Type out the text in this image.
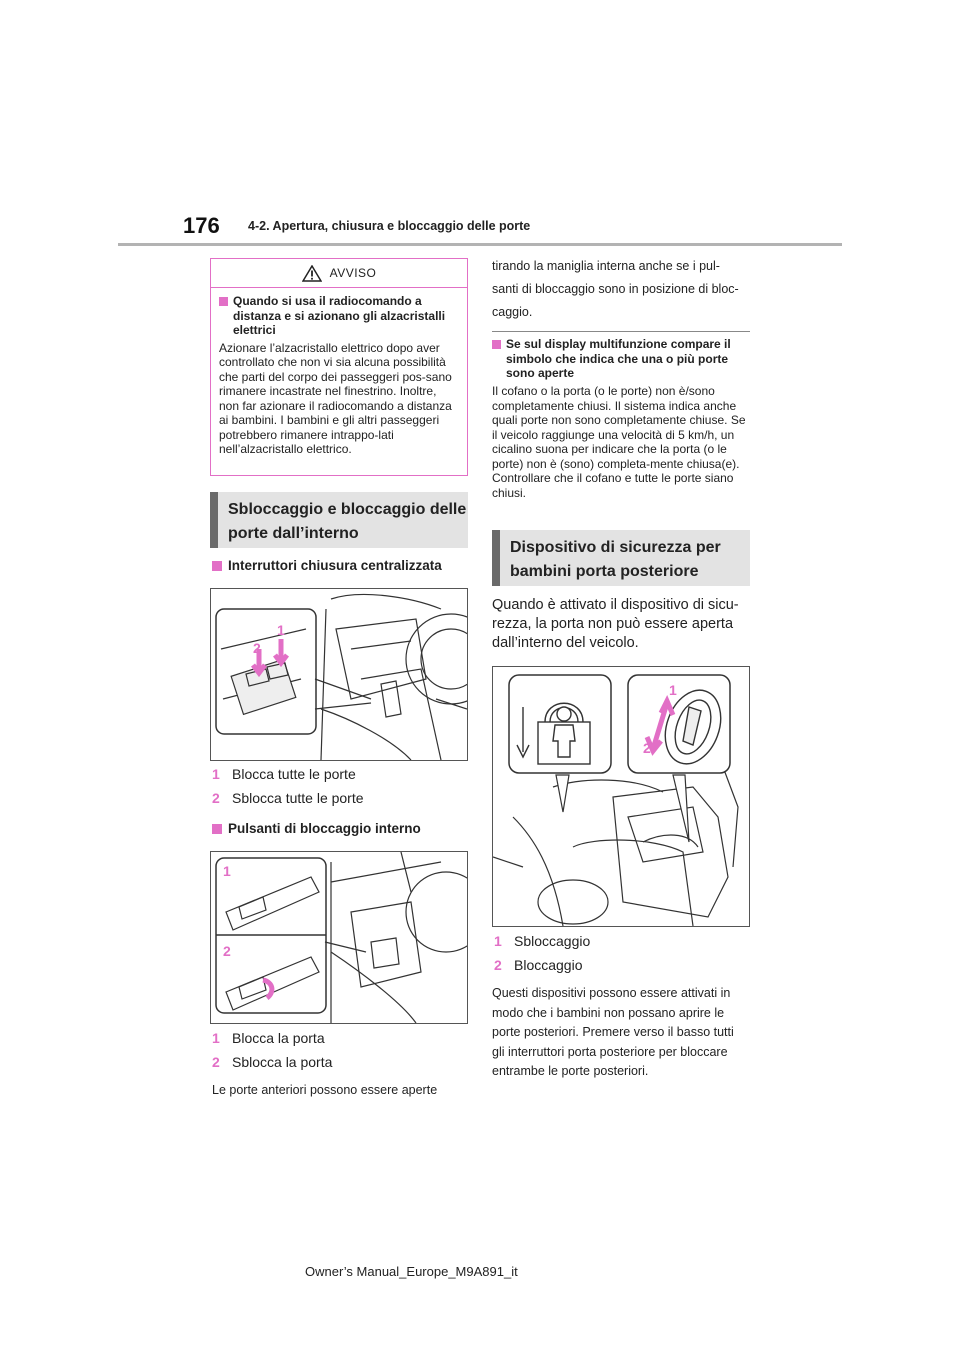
176 4-2. Apertura, chiusura e bloccaggio delle porte
AVVISO
Quando si usa il radiocomando a distanza e si azionano gli alzacristalli elettrici
Azionare l’alzacristallo elettrico dopo aver controllato che non vi sia alcuna possibilità che parti del corpo dei passeggeri pos-sano rimanere incastrate nel finestrino. Inoltre, non far azionare il radiocomando a distanza ai bambini. I bambini e gli altri passeggeri potrebbero rimanere intrappo-lati nell’alzacristallo elettrico.
Sbloccaggio e bloccaggio delle
porte dall’interno
Interruttori chiusura centralizzata
1
2
1 Blocca tutte le porte
2 Sblocca tutte le porte
Pulsanti di bloccaggio interno
1
2
1 Blocca la porta
2 Sblocca la porta
Le porte anteriori possono essere aperte
tirando la maniglia interna anche se i pul-
santi di bloccaggio sono in posizione di bloc-
caggio.
Se sul display multifunzione compare il simbolo che indica che una o più porte sono aperte
Il cofano o la porta (o le porte) non è/sono completamente chiusi. Il sistema indica anche quali porte non sono completamente chiuse. Se il veicolo raggiunge una velocità di 5 km/h, un cicalino suona per indicare che la porta (o le porte) non è (sono) completa-mente chiusa(e). Controllare che il cofano e tutte le porte siano chiusi.
Dispositivo di sicurezza per
bambini porta posteriore
Quando è attivato il dispositivo di sicu-
rezza, la porta non può essere aperta
dall’interno del veicolo.
1
2
1 Sbloccaggio
2 Bloccaggio
Questi dispositivi possono essere attivati in
modo che i bambini non possano aprire le
porte posteriori. Premere verso il basso tutti
gli interruttori porta posteriore per bloccare
entrambe le porte posteriori.
Owner’s Manual_Europe_M9A891_it
